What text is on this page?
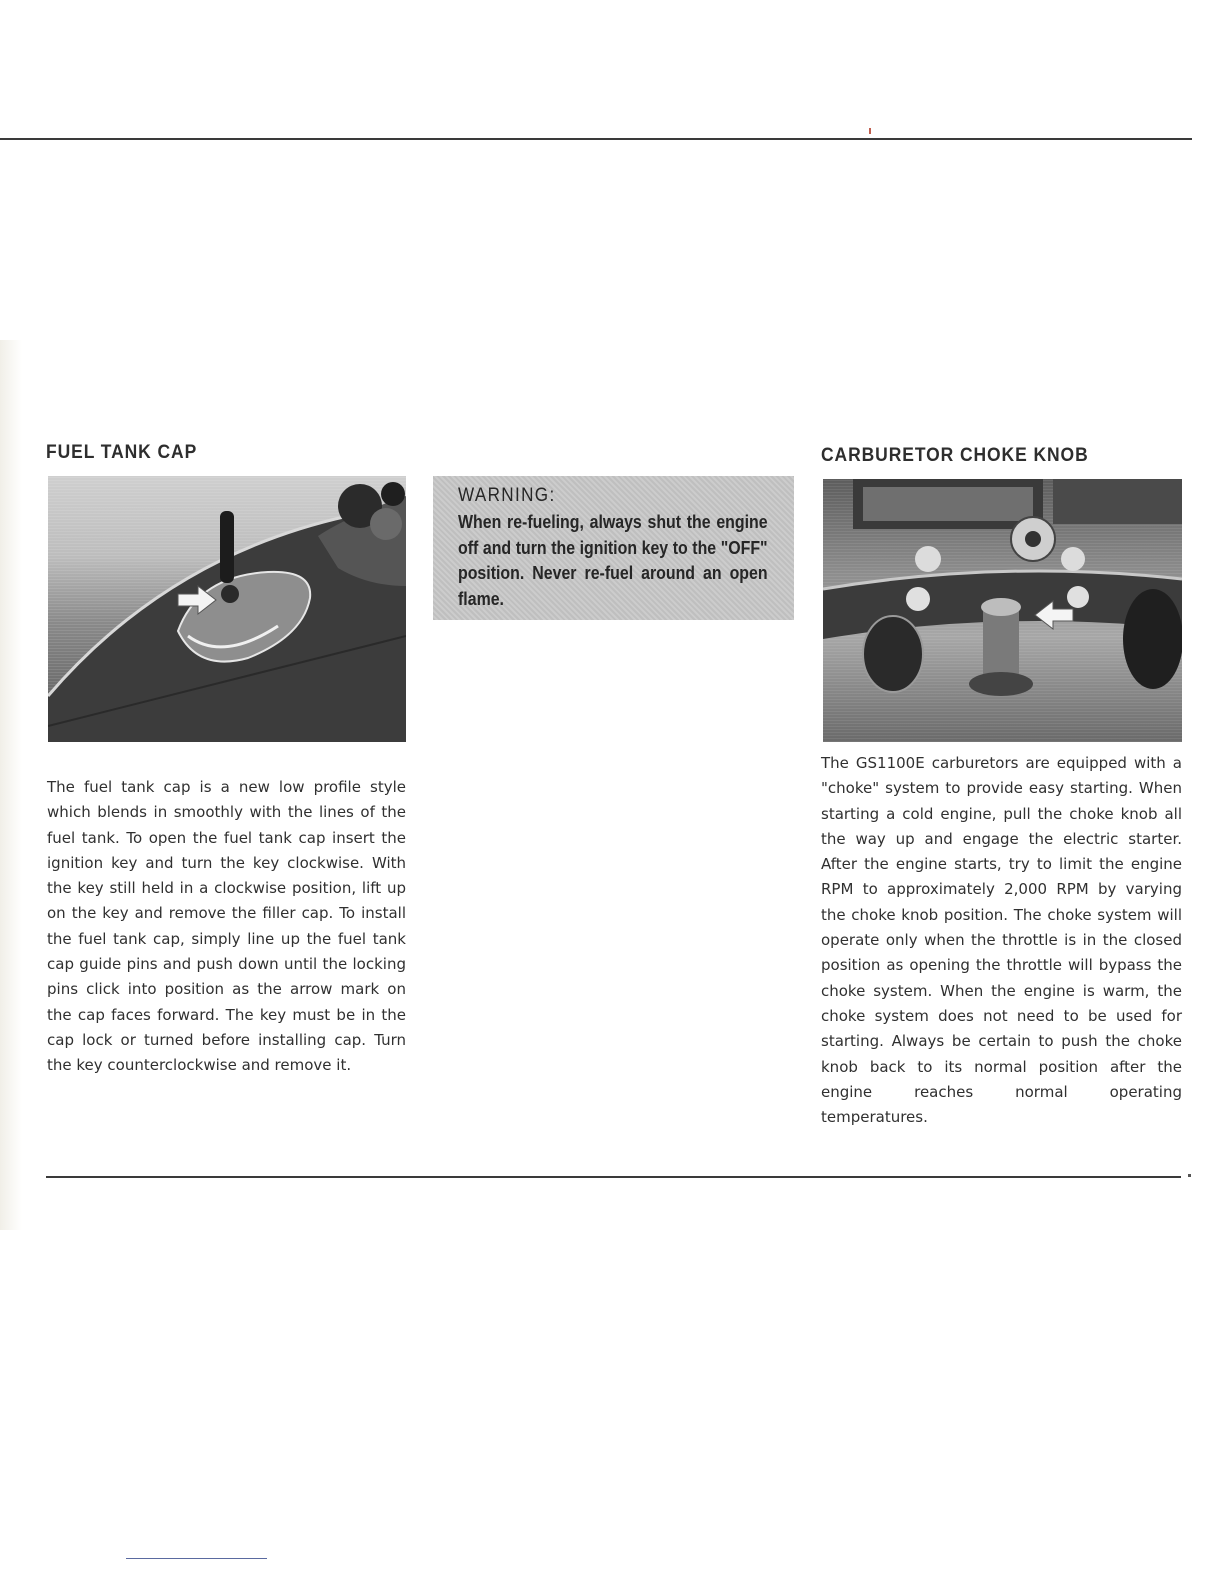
FUEL TANK CAP	CARBURETOR CHOKE KNOB
WARNING:

When re-fueling, always shut the engine off and turn the ignition key to the "OFF" position. Never re-fuel around an open flame.

The fuel tank cap is a new low profile style which blends in smoothly with the lines of the fuel tank. To open the fuel tank cap insert the ignition key and turn the key clockwise. With the key still held in a clockwise position, lift up on the key and remove the filler cap. To install the fuel tank cap, simply line up the fuel tank cap guide pins and push down until the locking pins click into position as the arrow mark on the cap faces forward. The key must be in the cap lock or turned before installing cap. Turn the key counterclockwise and remove it.

The GS1100E carburetors are equipped with a "choke" system to provide easy starting. When starting a cold engine, pull the choke knob all the way up and engage the electric starter. After the engine starts, try to limit the engine RPM to approximately 2,000 RPM by varying the choke knob position. The choke system will operate only when the throttle is in the closed position as opening the throttle will bypass the choke system. When the engine is warm, the choke system does not need to be used for starting. Always be certain to push the choke knob back to its normal position after the engine reaches normal operating temperatures.
